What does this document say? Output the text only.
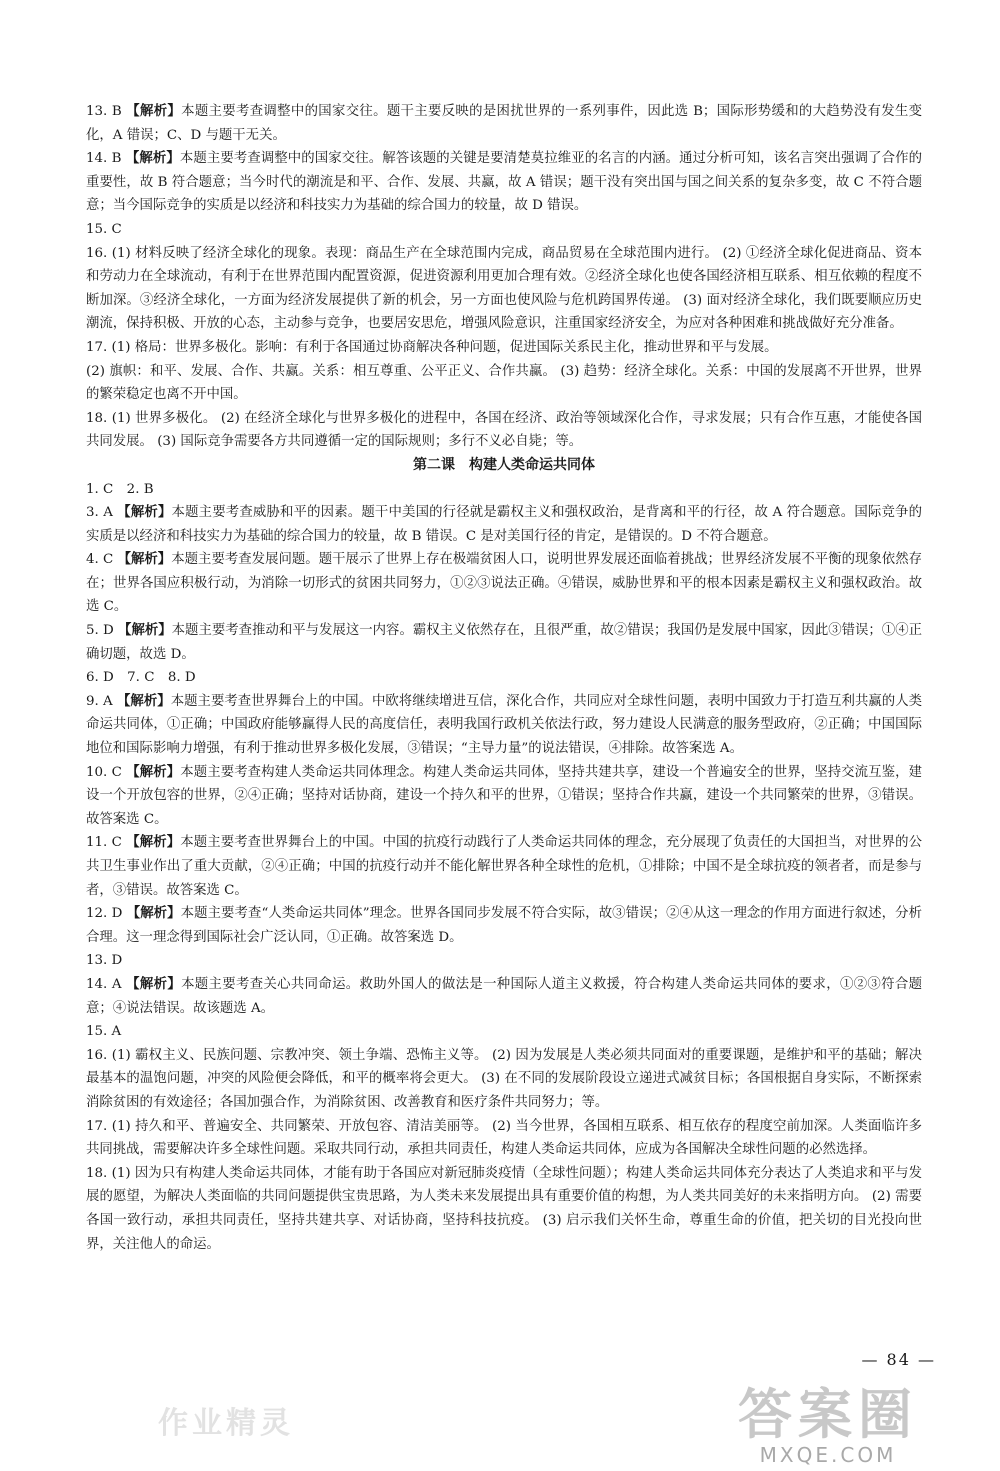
13. B 【解析】本题主要考查调整中的国家交往。题干主要反映的是困扰世界的一系列事件，因此选 B；国际形势缓和的大趋势没有发生变化，A 错误；C、D 与题干无关。
14. B 【解析】本题主要考查调整中的国家交往。解答该题的关键是要清楚莫拉维亚的名言的内涵。通过分析可知，该名言突出强调了合作的重要性，故 B 符合题意；当今时代的潮流是和平、合作、发展、共赢，故 A 错误；题干没有突出国与国之间关系的复杂多变，故 C 不符合题意；当今国际竞争的实质是以经济和科技实力为基础的综合国力的较量，故 D 错误。
15. C
16. (1) 材料反映了经济全球化的现象。表现：商品生产在全球范围内完成，商品贸易在全球范围内进行。 (2) ①经济全球化促进商品、资本和劳动力在全球流动，有利于在世界范围内配置资源，促进资源利用更加合理有效。②经济全球化也使各国经济相互联系、相互依赖的程度不断加深。③经济全球化，一方面为经济发展提供了新的机会，另一方面也使风险与危机跨国界传递。 (3) 面对经济全球化，我们既要顺应历史潮流，保持积极、开放的心态，主动参与竞争，也要居安思危，增强风险意识，注重国家经济安全，为应对各种困难和挑战做好充分准备。
17. (1) 格局：世界多极化。影响：有利于各国通过协商解决各种问题，促进国际关系民主化，推动世界和平与发展。
(2) 旗帜：和平、发展、合作、共赢。关系：相互尊重、公平正义、合作共赢。 (3) 趋势：经济全球化。关系：中国的发展离不开世界，世界的繁荣稳定也离不开中国。
18. (1) 世界多极化。 (2) 在经济全球化与世界多极化的进程中，各国在经济、政治等领域深化合作，寻求发展；只有合作互惠，才能使各国共同发展。 (3) 国际竞争需要各方共同遵循一定的国际规则；多行不义必自毙；等。
第二课　构建人类命运共同体
1. C　2. B
3. A 【解析】本题主要考查威胁和平的因素。题干中美国的行径就是霸权主义和强权政治，是背离和平的行径，故 A 符合题意。国际竞争的实质是以经济和科技实力为基础的综合国力的较量，故 B 错误。C 是对美国行径的肯定，是错误的。D 不符合题意。
4. C 【解析】本题主要考查发展问题。题干展示了世界上存在极端贫困人口，说明世界发展还面临着挑战；世界经济发展不平衡的现象依然存在；世界各国应积极行动，为消除一切形式的贫困共同努力，①②③说法正确。④错误，威胁世界和平的根本因素是霸权主义和强权政治。故选 C。
5. D 【解析】本题主要考查推动和平与发展这一内容。霸权主义依然存在，且很严重，故②错误；我国仍是发展中国家，因此③错误；①④正确切题，故选 D。
6. D　7. C　8. D
9. A 【解析】本题主要考查世界舞台上的中国。中欧将继续增进互信，深化合作，共同应对全球性问题，表明中国致力于打造互利共赢的人类命运共同体，①正确；中国政府能够赢得人民的高度信任，表明我国行政机关依法行政，努力建设人民满意的服务型政府，②正确；中国国际地位和国际影响力增强，有利于推动世界多极化发展，③错误；“主导力量”的说法错误，④排除。故答案选 A。
10. C 【解析】本题主要考查构建人类命运共同体理念。构建人类命运共同体，坚持共建共享，建设一个普遍安全的世界，坚持交流互鉴，建设一个开放包容的世界，②④正确；坚持对话协商，建设一个持久和平的世界，①错误；坚持合作共赢，建设一个共同繁荣的世界，③错误。故答案选 C。
11. C 【解析】本题主要考查世界舞台上的中国。中国的抗疫行动践行了人类命运共同体的理念，充分展现了负责任的大国担当，对世界的公共卫生事业作出了重大贡献，②④正确；中国的抗疫行动并不能化解世界各种全球性的危机，①排除；中国不是全球抗疫的领者者，而是参与者，③错误。故答案选 C。
12. D 【解析】本题主要考查“人类命运共同体”理念。世界各国同步发展不符合实际，故③错误；②④从这一理念的作用方面进行叙述，分析合理。这一理念得到国际社会广泛认同，①正确。故答案选 D。
13. D
14. A 【解析】本题主要考查关心共同命运。救助外国人的做法是一种国际人道主义救援，符合构建人类命运共同体的要求，①②③符合题意；④说法错误。故该题选 A。
15. A
16. (1) 霸权主义、民族问题、宗教冲突、领土争端、恐怖主义等。 (2) 因为发展是人类必须共同面对的重要课题，是维护和平的基础；解决最基本的温饱问题，冲突的风险便会降低，和平的概率将会更大。 (3) 在不同的发展阶段设立递进式减贫目标；各国根据自身实际，不断探索消除贫困的有效途径；各国加强合作，为消除贫困、改善教育和医疗条件共同努力；等。
17. (1) 持久和平、普遍安全、共同繁荣、开放包容、清洁美丽等。 (2) 当今世界，各国相互联系、相互依存的程度空前加深。人类面临许多共同挑战，需要解决许多全球性问题。采取共同行动，承担共同责任，构建人类命运共同体，应成为各国解决全球性问题的必然选择。
18. (1) 因为只有构建人类命运共同体，才能有助于各国应对新冠肺炎疫情（全球性问题）；构建人类命运共同体充分表达了人类追求和平与发展的愿望，为解决人类面临的共同问题提供宝贵思路，为人类未来发展提出具有重要价值的构想，为人类共同美好的未来指明方向。 (2) 需要各国一致行动，承担共同责任，坚持共建共享、对话协商，坚持科技抗疫。 (3) 启示我们关怀生命，尊重生命的价值，把关切的目光投向世界，关注他人的命运。
— 84 —
作业精灵	答案圈
MXQE.COM
